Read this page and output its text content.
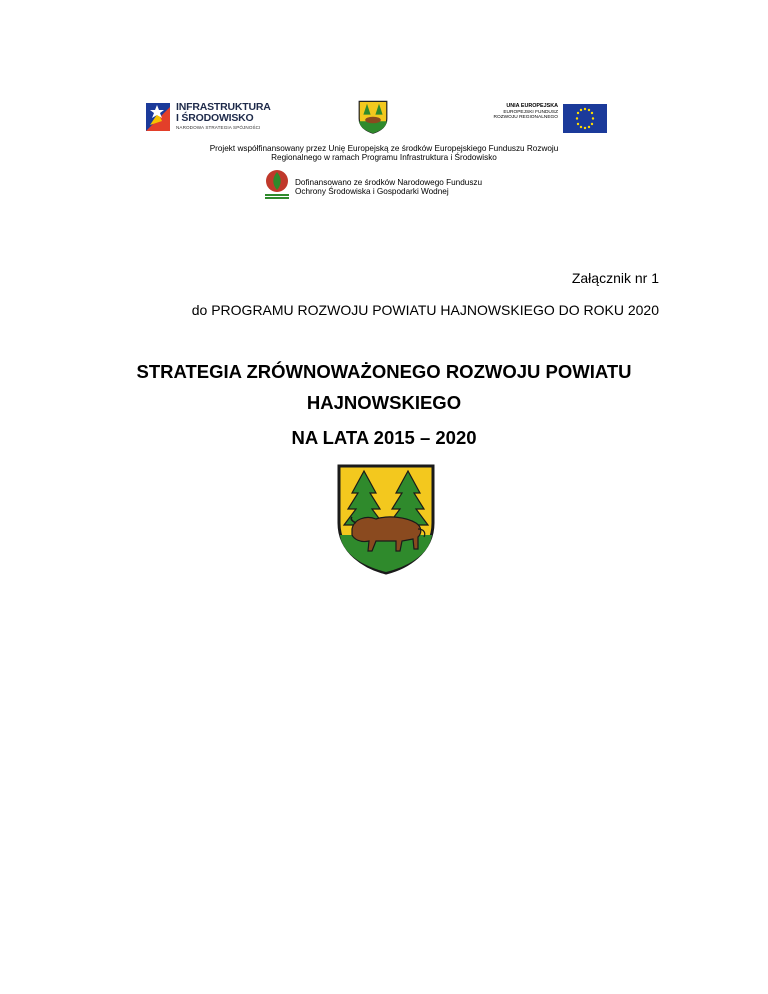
INFRASTRUKTURA
I ŚRODOWISKO
NARODOWA STRATEGIA SPÓJNOŚCI
UNIA EUROPEJSKA
EUROPEJSKI FUNDUSZ
ROZWOJU REGIONALNEGO
Projekt współfinansowany przez Unię Europejską ze środków Europejskiego Funduszu Rozwoju
Regionalnego w ramach Programu Infrastruktura i Środowisko
Dofinansowano ze środków Narodowego Funduszu
Ochrony Środowiska i Gospodarki Wodnej
Załącznik nr 1
do PROGRAMU ROZWOJU POWIATU HAJNOWSKIEGO DO ROKU 2020
STRATEGIA ZRÓWNOWAŻONEGO ROZWOJU POWIATU
HAJNOWSKIEGO
NA LATA 2015 – 2020
